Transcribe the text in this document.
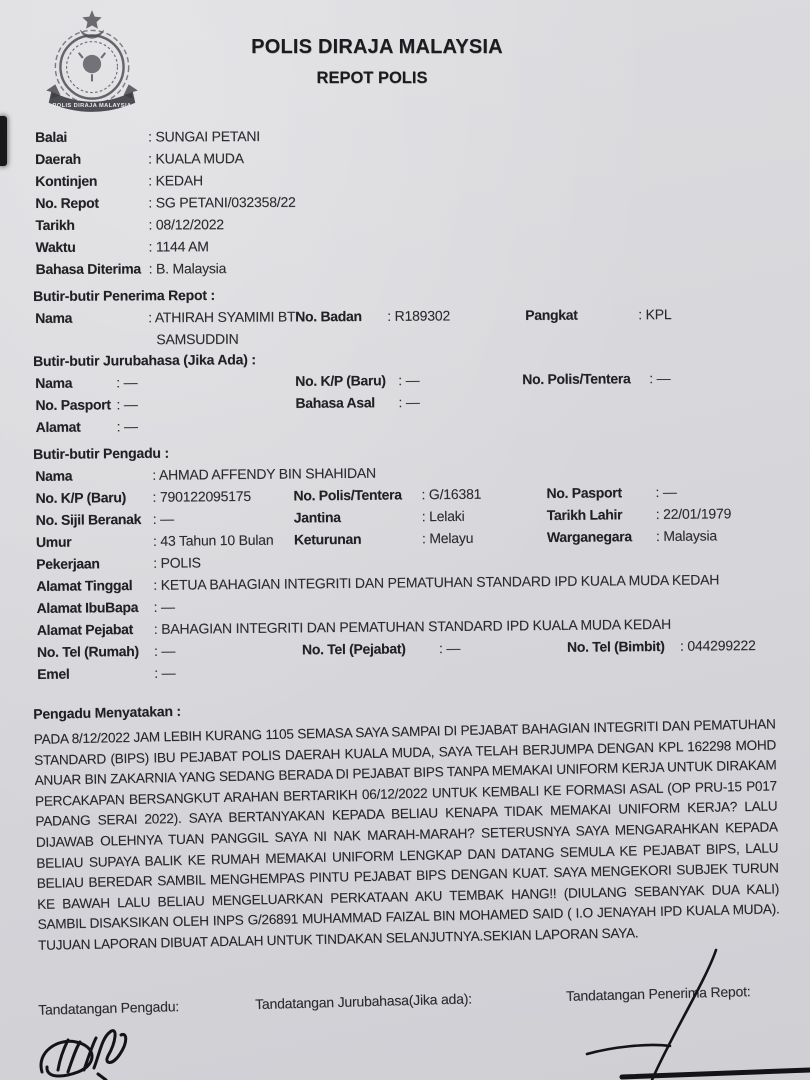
POLIS DIRAJA MALAYSIA
POLIS DIRAJA MALAYSIA
REPOT POLIS
Balai	: SUNGAI PETANI
Daerah	: KUALA MUDA
Kontinjen	: KEDAH
No. Repot	: SG PETANI/032358/22
Tarikh	: 08/12/2022
Waktu	: 1144 AM
Bahasa Diterima : B. Malaysia
Butir-butir Penerima Repot :
Nama	: ATHIRAH SYAMIMI BT No. Badan : R189302	Pangkat	: KPL
SAMSUDDIN
Butir-butir Jurubahasa (Jika Ada) :
Nama	: —	No. K/P (Baru) : —	No. Polis/Tentera : —
No. Pasport : —	Bahasa Asal : —
Alamat	: —
Butir-butir Pengadu :
Nama	: AHMAD AFFENDY BIN SHAHIDAN
No. K/P (Baru) : 790122095175	No. Polis/Tentera : G/16381	No. Pasport : —
No. Sijil Beranak : —	Jantina	: Lelaki	Tarikh Lahir : 22/01/1979
Umur	: 43 Tahun 10 Bulan Keturunan	: Melayu	Warganegara : Malaysia
Pekerjaan	: POLIS
Alamat Tinggal : KETUA BAHAGIAN INTEGRITI DAN PEMATUHAN STANDARD IPD KUALA MUDA KEDAH
Alamat IbuBapa : —
Alamat Pejabat : BAHAGIAN INTEGRITI DAN PEMATUHAN STANDARD IPD KUALA MUDA KEDAH
No. Tel (Rumah) : —	No. Tel (Pejabat) : —	No. Tel (Bimbit) : 044299222
Emel	: —
Pengadu Menyatakan :
PADA 8/12/2022 JAM LEBIH KURANG 1105 SEMASA SAYA SAMPAI DI PEJABAT BAHAGIAN INTEGRITI DAN PEMATUHAN STANDARD (BIPS) IBU PEJABAT POLIS DAERAH KUALA MUDA, SAYA TELAH BERJUMPA DENGAN KPL 162298 MOHD ANUAR BIN ZAKARNIA YANG SEDANG BERADA DI PEJABAT BIPS TANPA MEMAKAI UNIFORM KERJA UNTUK DIRAKAM PERCAKAPAN BERSANGKUT ARAHAN BERTARIKH 06/12/2022 UNTUK KEMBALI KE FORMASI ASAL (OP PRU-15 P017 PADANG SERAI 2022). SAYA BERTANYAKAN KEPADA BELIAU KENAPA TIDAK MEMAKAI UNIFORM KERJA? LALU DIJAWAB OLEHNYA TUAN PANGGIL SAYA NI NAK MARAH-MARAH? SETERUSNYA SAYA MENGARAHKAN KEPADA BELIAU SUPAYA BALIK KE RUMAH MEMAKAI UNIFORM LENGKAP DAN DATANG SEMULA KE PEJABAT BIPS, LALU BELIAU BEREDAR SAMBIL MENGHEMPAS PINTU PEJABAT BIPS DENGAN KUAT. SAYA MENGEKORI SUBJEK TURUN KE BAWAH LALU BELIAU MENGELUARKAN PERKATAAN AKU TEMBAK HANG!! (DIULANG SEBANYAK DUA KALI) SAMBIL DISAKSIKAN OLEH INPS G/26891 MUHAMMAD FAIZAL BIN MOHAMED SAID ( I.O JENAYAH IPD KUALA MUDA). TUJUAN LAPORAN DIBUAT ADALAH UNTUK TINDAKAN SELANJUTNYA.SEKIAN LAPORAN SAYA.
Tandatangan Pengadu:	Tandatangan Jurubahasa(Jika ada):	Tandatangan Penerima Repot:
